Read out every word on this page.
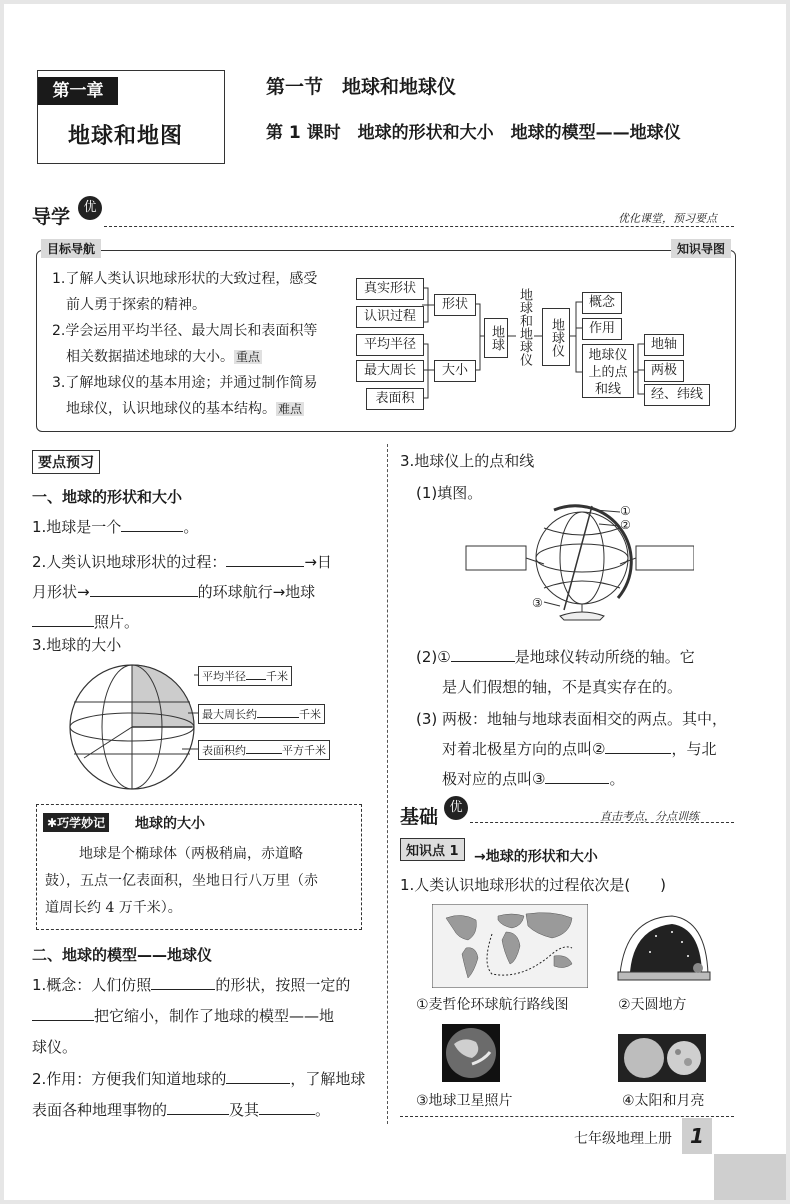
第一章
地球和地图
第一节　地球和地球仪
第 1 课时　地球的形状和大小　地球的模型——地球仪
导学	优
优化课堂，预习要点
目标导航	知识导图
1.了解人类认识地球形状的大致过程，感受
前人勇于探索的精神。
2.学会运用平均半径、最大周长和表面积等
相关数据描述地球的大小。 重点
3.了解地球仪的基本用途；并通过制作简易
地球仪，认识地球仪的基本结构。 难点
真实形状
认识过程
平均半径
最大周长
表面积
形状
大小
地球	地球和地球仪	地球仪
概念
作用
地球仪上的点和线
地轴
两极
经、纬线
要点预习
一、地球的形状和大小
1.地球是一个	。
2.人类认识地球形状的过程：	→日
月形状→	的环球航行→地球
照片。
3.地球的大小
平均半径 千米
最大周长约	千米
表面积约	平方千米
✱巧学妙记 地球的大小
地球是个椭球体（两极稍扁，赤道略
鼓），五点一亿表面积，坐地日行八万里（赤
道周长约 4 万千米）。
二、地球的模型——地球仪
1.概念：人们仿照	的形状，按照一定的
把它缩小，制作了地球的模型——地
球仪。
2.作用：方便我们知道地球的	，了解地球
表面各种地理事物的	及其	。
3.地球仪上的点和线
(1)填图。
①
②
③
(2)①	是地球仪转动所绕的轴。它
是人们假想的轴，不是真实存在的。
(3) 两极：地轴与地球表面相交的两点。其中，
对着北极星方向的点叫②	，与北
极对应的点叫③	。
基础 优
直击考点，分点训练
知识点 1	→地球的形状和大小
1.人类认识地球形状的过程依次是(　　)
①麦哲伦环球航行路线图	②天圆地方
③地球卫星照片	④太阳和月亮
七年级地理上册 1
